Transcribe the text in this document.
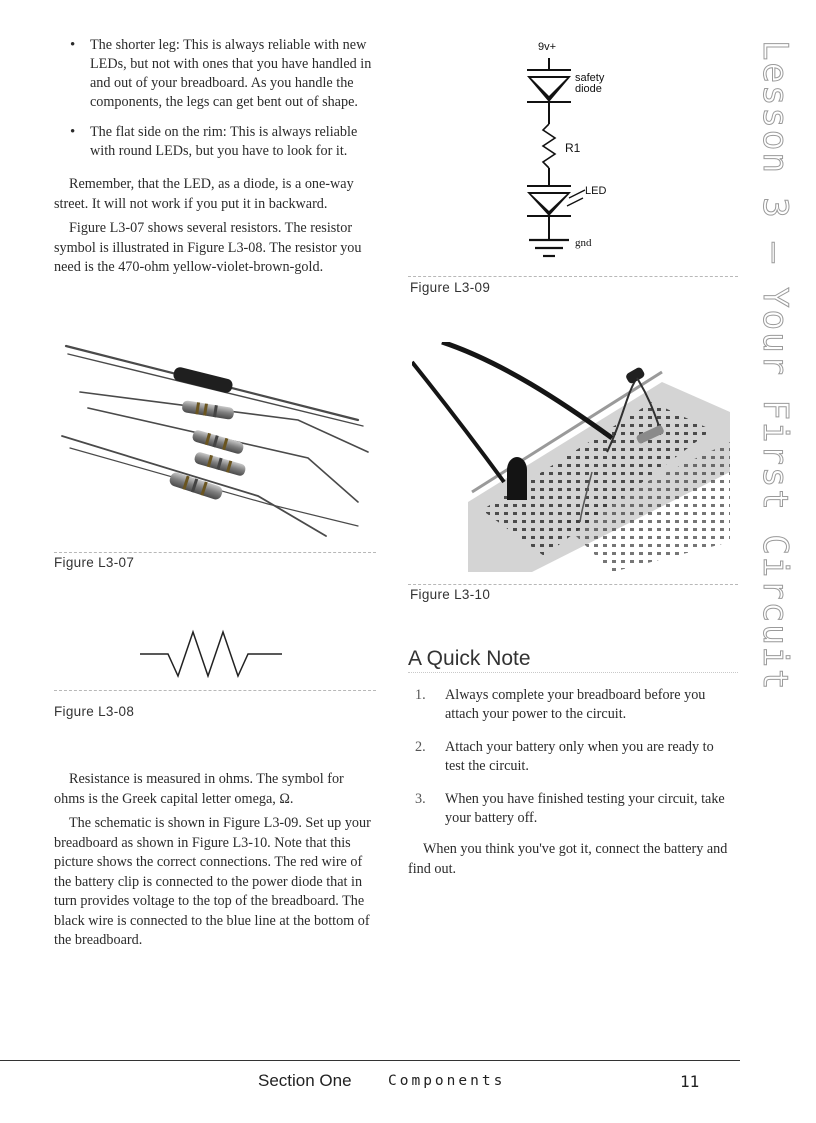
• The shorter leg: This is always reliable with new LEDs, but not with ones that you have handled in and out of your breadboard. As you handle the components, the legs can get bent out of shape.
• The flat side on the rim: This is always reliable with round LEDs, but you have to look for it.

Remember, that the LED, as a diode, is a one-way street. It will not work if you put it in backward.

Figure L3-07 shows several resistors. The resistor symbol is illustrated in Figure L3-08. The resistor you need is the 470-ohm yellow-violet-brown-gold.

Figure L3-07
Figure L3-08

Resistance is measured in ohms. The symbol for ohms is the Greek capital letter omega, Ω.

The schematic is shown in Figure L3-09. Set up your breadboard as shown in Figure L3-10. Note that this picture shows the correct connections. The red wire of the battery clip is connected to the power diode that in turn provides voltage to the top of the breadboard. The black wire is connected to the blue line at the bottom of the breadboard.

9v+
safety
diode
R1
LED
gnd
Figure L3-09
Figure L3-10
A Quick Note
1. Always complete your breadboard before you attach your power to the circuit.
2. Attach your battery only when you are ready to test the circuit.
3. When you have finished testing your circuit, take your battery off.

When you think you've got it, connect the battery and find out.

Lesson 3 — Your First Circuit
Section One	Components	11
